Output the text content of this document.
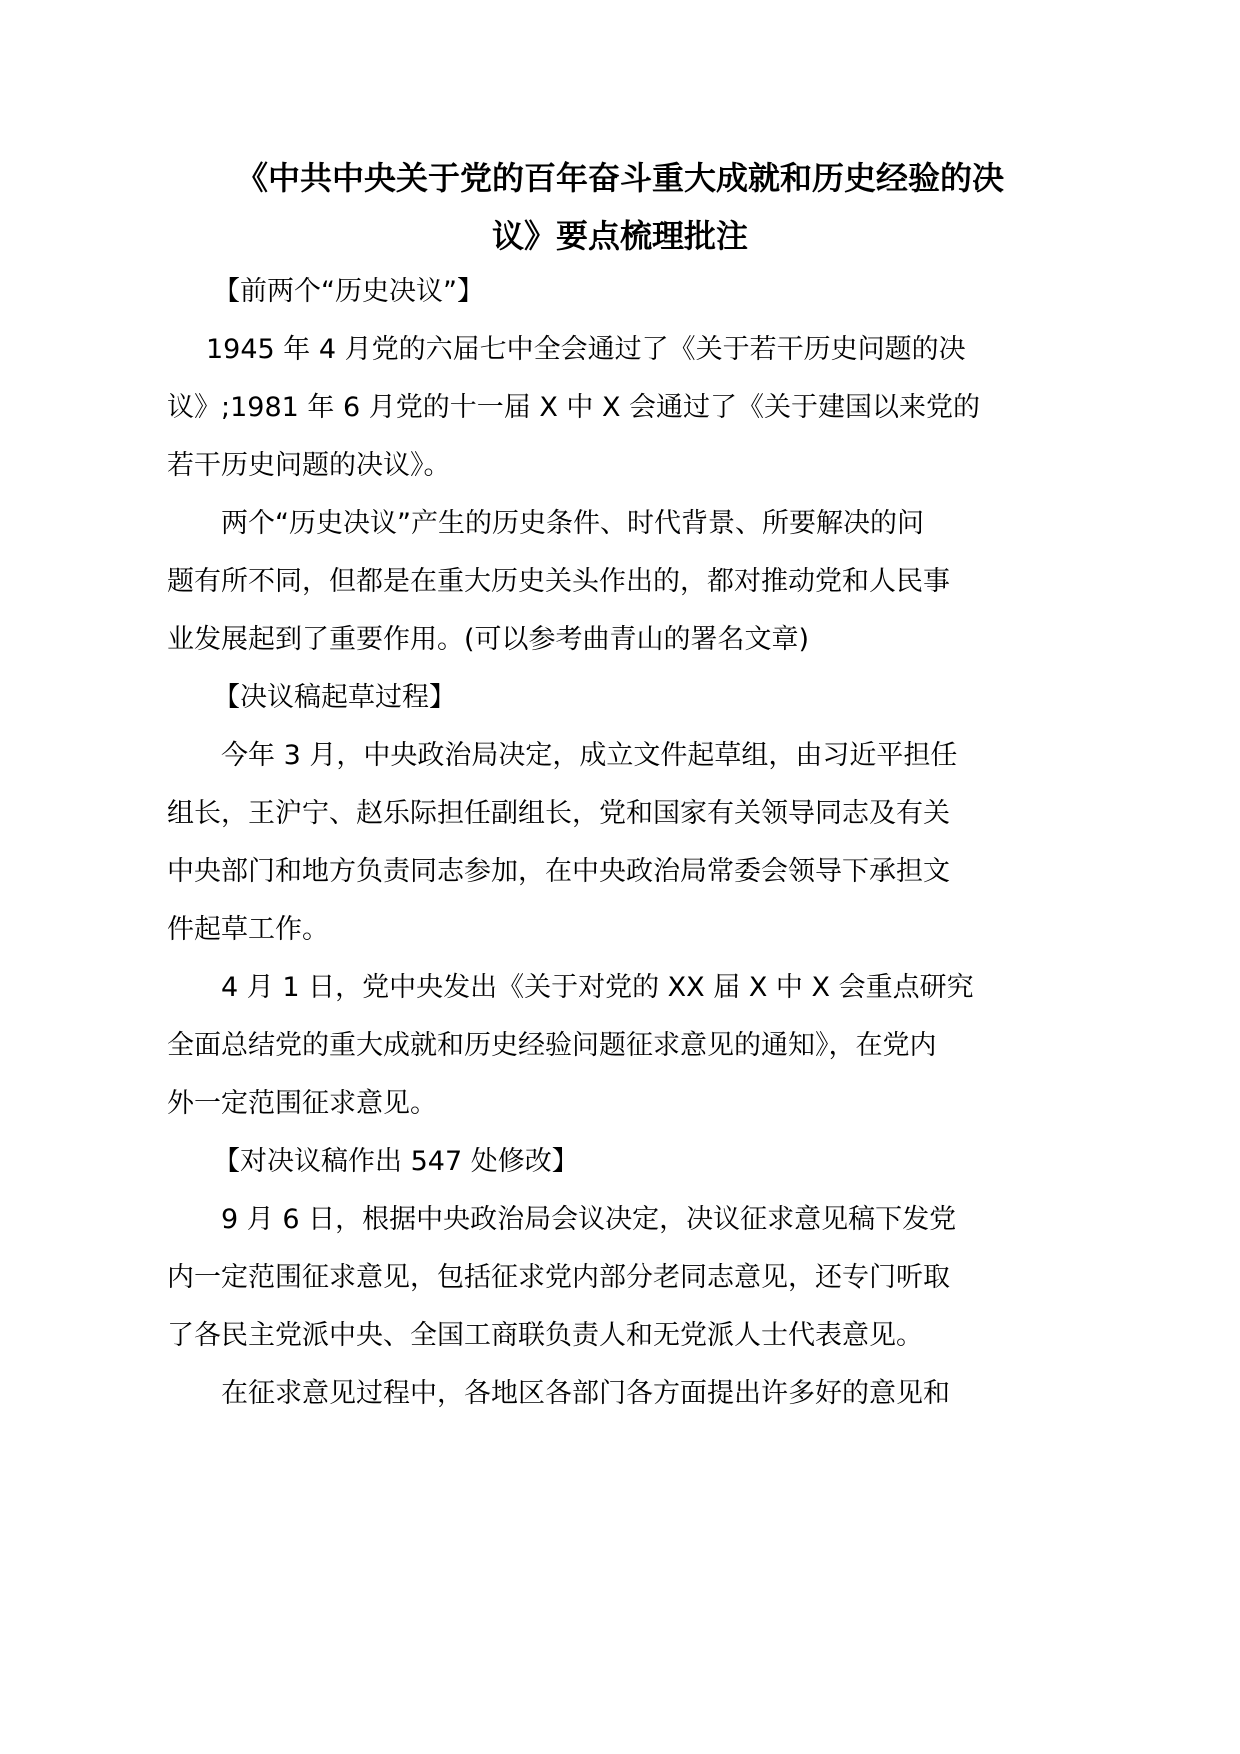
《中共中央关于党的百年奋斗重大成就和历史经验的决
议》要点梳理批注
【前两个“历史决议”】
1945 年 4 月党的六届七中全会通过了《关于若干历史问题的决
议》;1981 年 6 月党的十一届 X 中 X 会通过了《关于建国以来党的
若干历史问题的决议》。
两个“历史决议”产生的历史条件、时代背景、所要解决的问
题有所不同，但都是在重大历史关头作出的，都对推动党和人民事
业发展起到了重要作用。(可以参考曲青山的署名文章)
【决议稿起草过程】
今年 3 月，中央政治局决定，成立文件起草组，由习近平担任
组长，王沪宁、赵乐际担任副组长，党和国家有关领导同志及有关
中央部门和地方负责同志参加，在中央政治局常委会领导下承担文
件起草工作。
4 月 1 日，党中央发出《关于对党的 XX 届 X 中 X 会重点研究
全面总结党的重大成就和历史经验问题征求意见的通知》，在党内
外一定范围征求意见。
【对决议稿作出 547 处修改】
9 月 6 日，根据中央政治局会议决定，决议征求意见稿下发党
内一定范围征求意见，包括征求党内部分老同志意见，还专门听取
了各民主党派中央、全国工商联负责人和无党派人士代表意见。
在征求意见过程中，各地区各部门各方面提出许多好的意见和
